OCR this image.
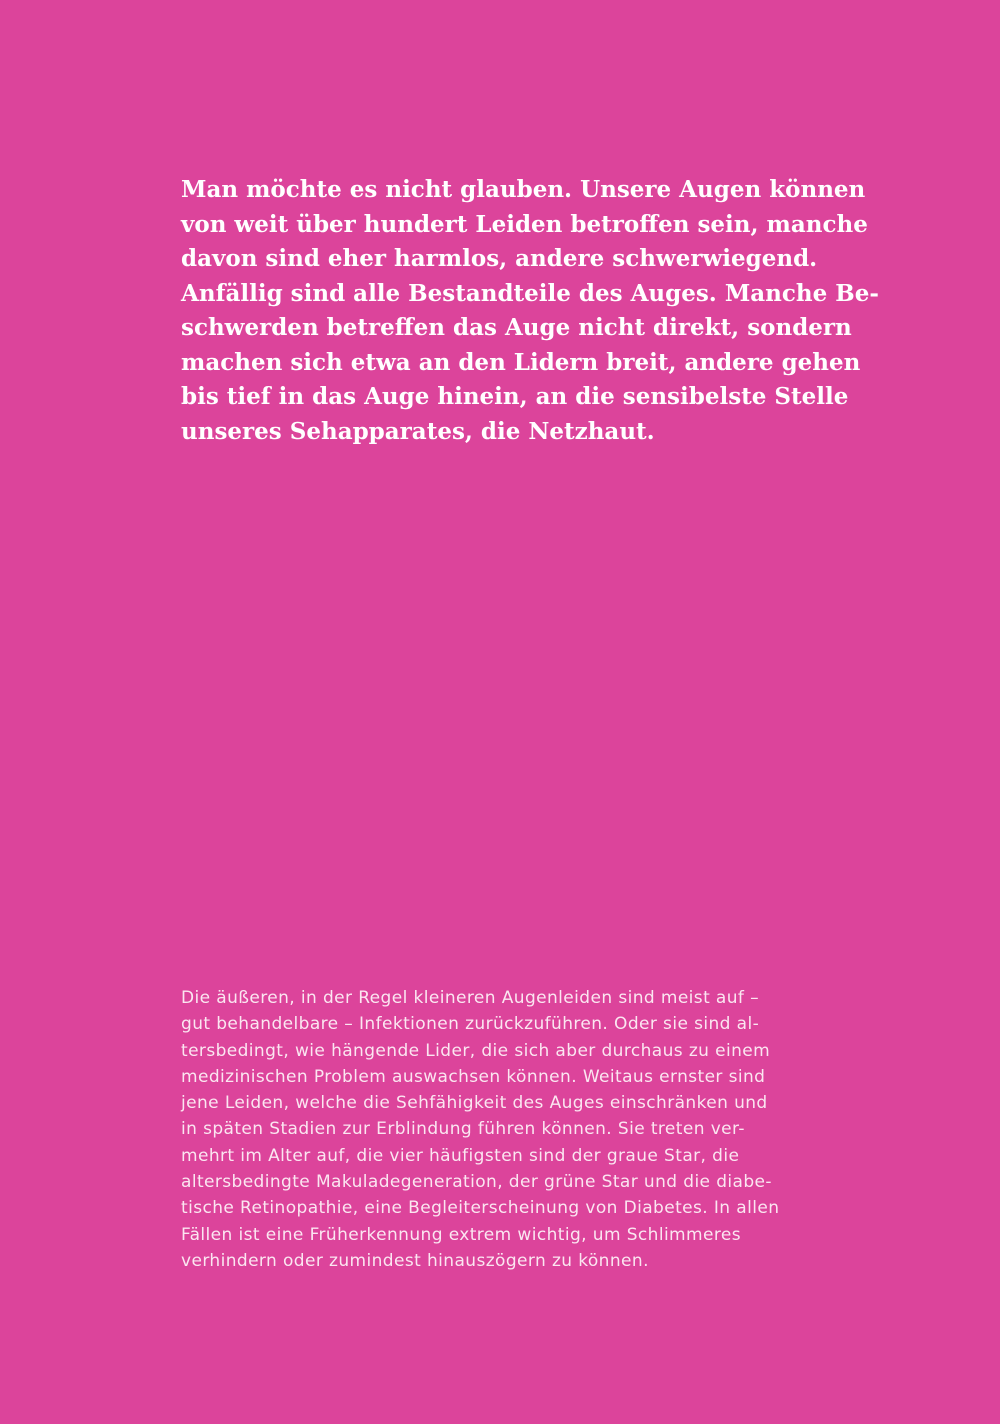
Man möchte es nicht glauben. Unsere Augen können
von weit über hundert Leiden betroffen sein, manche
davon sind eher harmlos, andere schwerwiegend.
Anfällig sind alle Bestandteile des Auges. Manche Be-
schwerden betreffen das Auge nicht direkt, sondern
machen sich etwa an den Lidern breit, andere gehen
bis tief in das Auge hinein, an die sensibelste Stelle
unseres Sehapparates, die Netzhaut.

Die äußeren, in der Regel kleineren Augenleiden sind meist auf –
gut behandelbare – Infektionen zurückzuführen. Oder sie sind al-
tersbedingt, wie hängende Lider, die sich aber durchaus zu einem
medizinischen Problem auswachsen können. Weitaus ernster sind
jene Leiden, welche die Sehfähigkeit des Auges einschränken und
in späten Stadien zur Erblindung führen können. Sie treten ver-
mehrt im Alter auf, die vier häufigsten sind der graue Star, die
altersbedingte Makuladegeneration, der grüne Star und die diabe-
tische Retinopathie, eine Begleiterscheinung von Diabetes. In allen
Fällen ist eine Früherkennung extrem wichtig, um Schlimmeres
verhindern oder zumindest hinauszögern zu können.
